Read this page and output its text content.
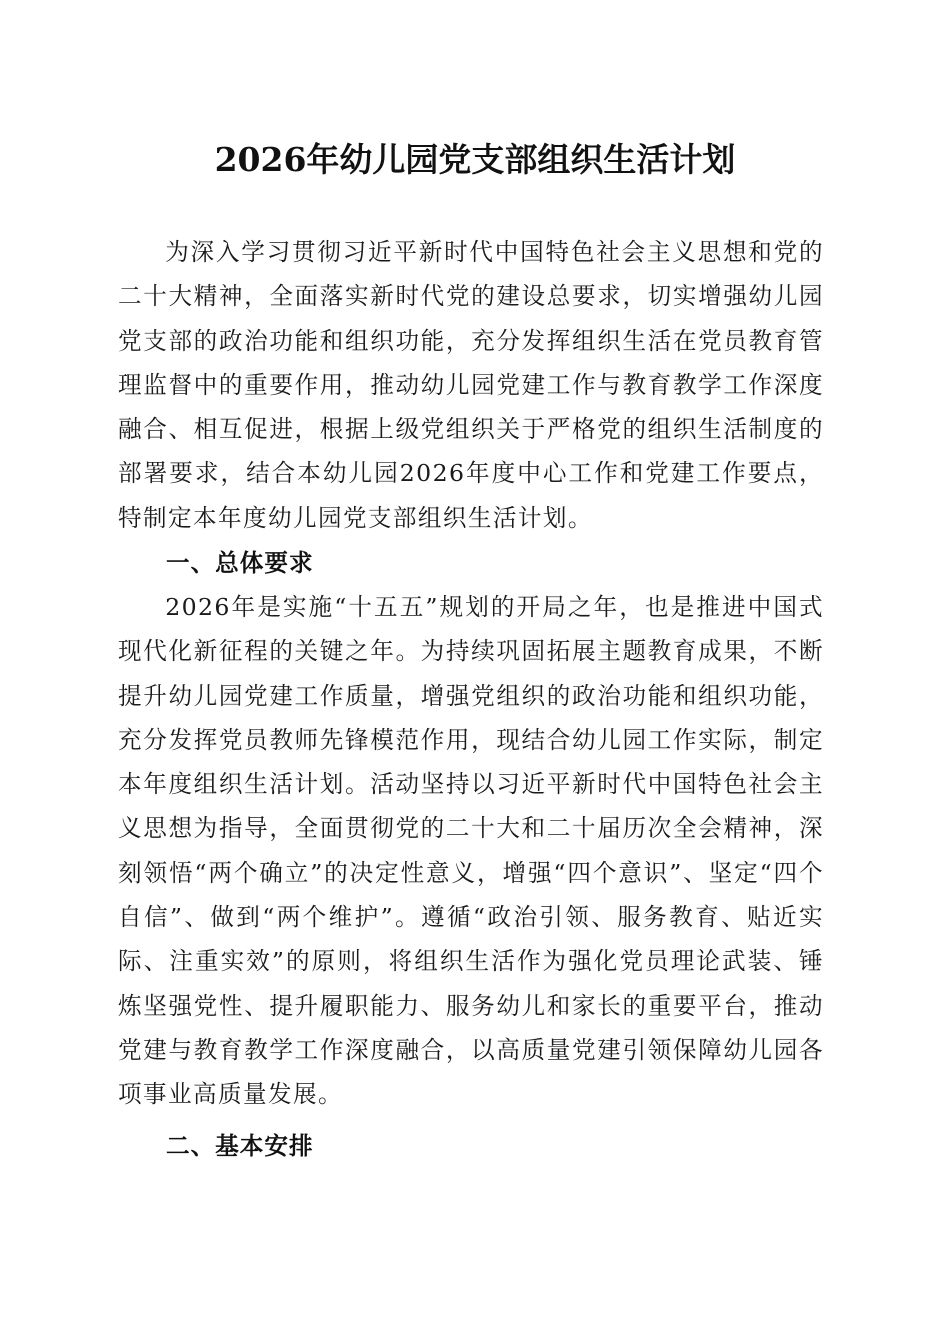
2026年幼儿园党支部组织生活计划

为深入学习贯彻习近平新时代中国特色社会主义思想和党的二十大精神，全面落实新时代党的建设总要求，切实增强幼儿园党支部的政治功能和组织功能，充分发挥组织生活在党员教育管理监督中的重要作用，推动幼儿园党建工作与教育教学工作深度融合、相互促进，根据上级党组织关于严格党的组织生活制度的部署要求，结合本幼儿园2026年度中心工作和党建工作要点，特制定本年度幼儿园党支部组织生活计划。

一、总体要求

2026年是实施“十五五”规划的开局之年，也是推进中国式现代化新征程的关键之年。为持续巩固拓展主题教育成果，不断提升幼儿园党建工作质量，增强党组织的政治功能和组织功能，充分发挥党员教师先锋模范作用，现结合幼儿园工作实际，制定本年度组织生活计划。活动坚持以习近平新时代中国特色社会主义思想为指导，全面贯彻党的二十大和二十届历次全会精神，深刻领悟“两个确立”的决定性意义，增强“四个意识”、坚定“四个自信”、做到“两个维护”。遵循“政治引领、服务教育、贴近实际、注重实效”的原则，将组织生活作为强化党员理论武装、锤炼坚强党性、提升履职能力、服务幼儿和家长的重要平台，推动党建与教育教学工作深度融合，以高质量党建引领保障幼儿园各项事业高质量发展。

二、基本安排
